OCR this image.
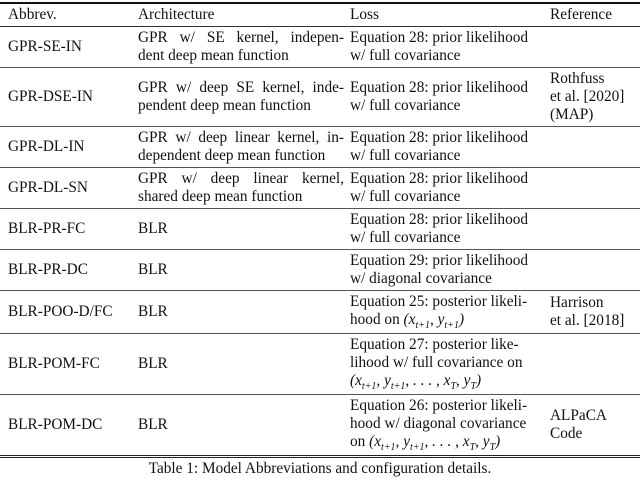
Abbrev.	Architecture	Loss	Reference
GPR-SE-IN	GPR w/ SE kernel, indepen-
dent deep mean function	Equation 28: prior likelihood
w/ full covariance	

GPR-DSE-IN	GPR w/ deep SE kernel, inde-
pendent deep mean function	Equation 28: prior likelihood
w/ full covariance	Rothfuss
et al. [2020]
(MAP)

GPR-DL-IN	GPR w/ deep linear kernel, in-
dependent deep mean function	Equation 28: prior likelihood
w/ full covariance	

GPR-DL-SN	GPR w/ deep linear kernel,
shared deep mean function	Equation 28: prior likelihood
w/ full covariance	

BLR-PR-FC	BLR	Equation 28: prior likelihood
w/ full covariance	

BLR-PR-DC	BLR	Equation 29: prior likelihood
w/ diagonal covariance	

BLR-POO-D/FC	BLR	Equation 25: posterior likeli-
hood on ($x_{t+1}$, $y_{t+1}$)	Harrison
et al. [2018]

BLR-POM-FC	BLR	Equation 27: posterior like-
lihood w/ full covariance on
($x_{t+1}$, $y_{t+1}$, . . . , $x_T$, $y_T$)	

BLR-POM-DC	BLR	Equation 26: posterior likeli-
hood w/ diagonal covariance
on ($x_{t+1}$, $y_{t+1}$, . . . , $x_T$, $y_T$)	ALPaCA
Code
Table 1: Model Abbreviations and configuration details.
